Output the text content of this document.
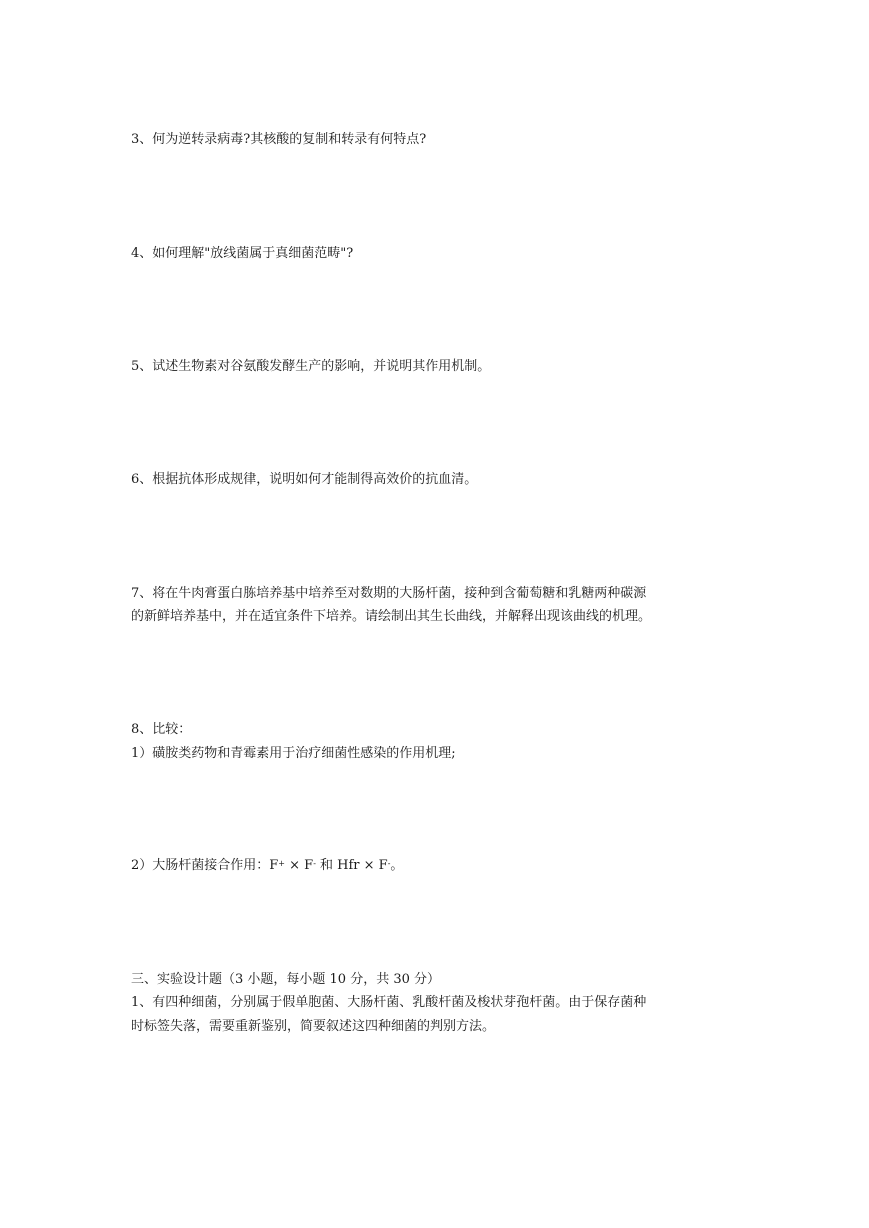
3、何为逆转录病毒?其核酸的复制和转录有何特点?
4、如何理解"放线菌属于真细菌范畴"?
5、试述生物素对谷氨酸发酵生产的影响，并说明其作用机制。
6、根据抗体形成规律，说明如何才能制得高效价的抗血清。
7、将在牛肉膏蛋白胨培养基中培养至对数期的大肠杆菌，接种到含葡萄糖和乳糖两种碳源
的新鲜培养基中，并在适宜条件下培养。请绘制出其生长曲线，并解释出现该曲线的机理。
8、比较：
1）磺胺类药物和青霉素用于治疗细菌性感染的作用机理;
2）大肠杆菌接合作用：F+ × F- 和 Hfr × F-。
三、实验设计题（3 小题，每小题 10 分，共 30 分）
1、有四种细菌，分别属于假单胞菌、大肠杆菌、乳酸杆菌及梭状芽孢杆菌。由于保存菌种
时标签失落，需要重新鉴别，简要叙述这四种细菌的判别方法。
